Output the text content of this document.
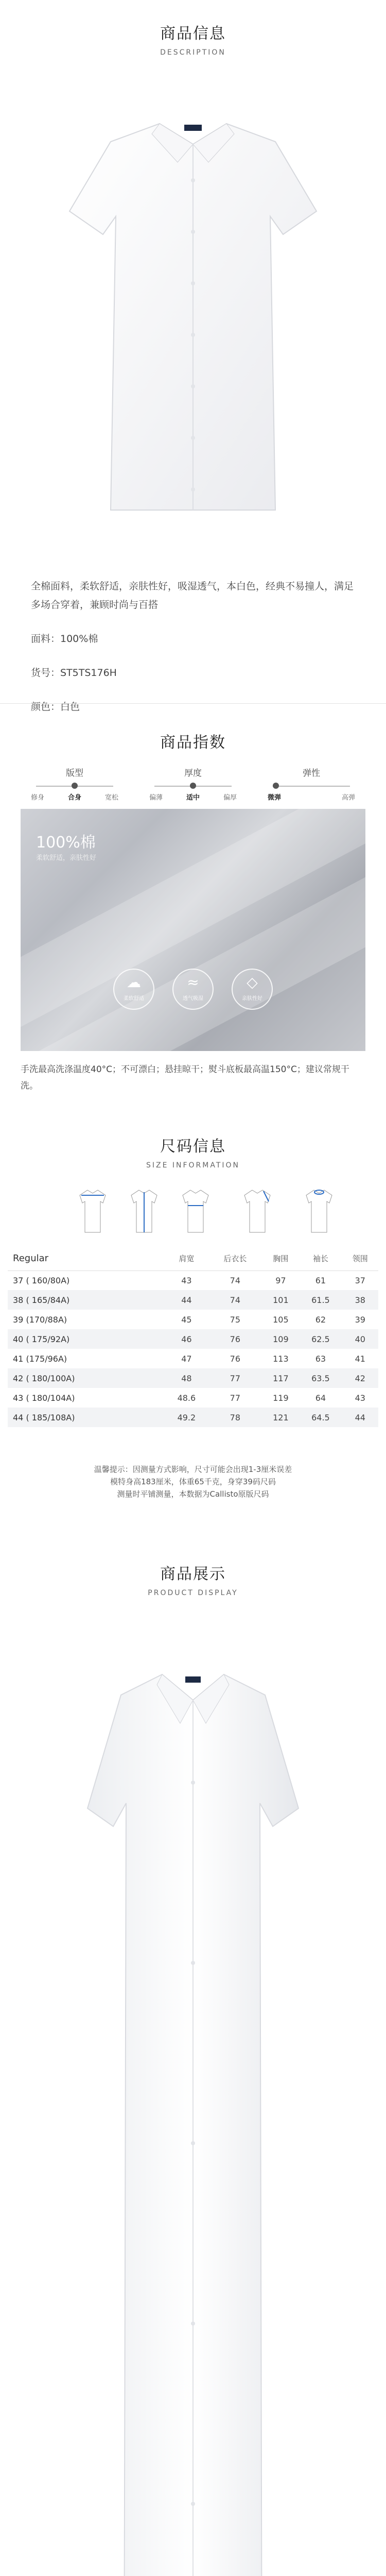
商品信息
DESCRIPTION

全棉面料，柔软舒适，亲肤性好，吸湿透气，本白色，经典不易撞人，满足多场合穿着，兼顾时尚与百搭

面料：100%棉

货号：ST5TS176H

颜色：白色

商品指数
版型
修身	合身	宽松
厚度
偏薄	适中	偏厚
弹性
微弹	高弹
100%棉
柔软舒适，亲肤性好
☁
柔软舒适
≈
透气吸湿
◇
亲肤性好
手洗最高洗涤温度40°C；不可漂白；悬挂晾干；熨斗底板最高温150°C；建议常规干洗。
尺码信息
SIZE INFORMATION
Regular	肩宽	后衣长	胸围	袖长	领围
37 ( 160/80A)	43	74	97	61	37
38 ( 165/84A)	44	74	101	61.5	38
39 (170/88A)	45	75	105	62	39
40 ( 175/92A)	46	76	109	62.5	40
41 (175/96A)	47	76	113	63	41
42 ( 180/100A)	48	77	117	63.5	42
43 ( 180/104A)	48.6	77	119	64	43
44 ( 185/108A)	49.2	78	121	64.5	44
温馨提示：因测量方式影响，尺寸可能会出现1-3厘米误差
模特身高183厘米，体重65千克，身穿39码尺码
测量时平铺测量，本数据为Callisto原版尺码
商品展示
PRODUCT DISPLAY
